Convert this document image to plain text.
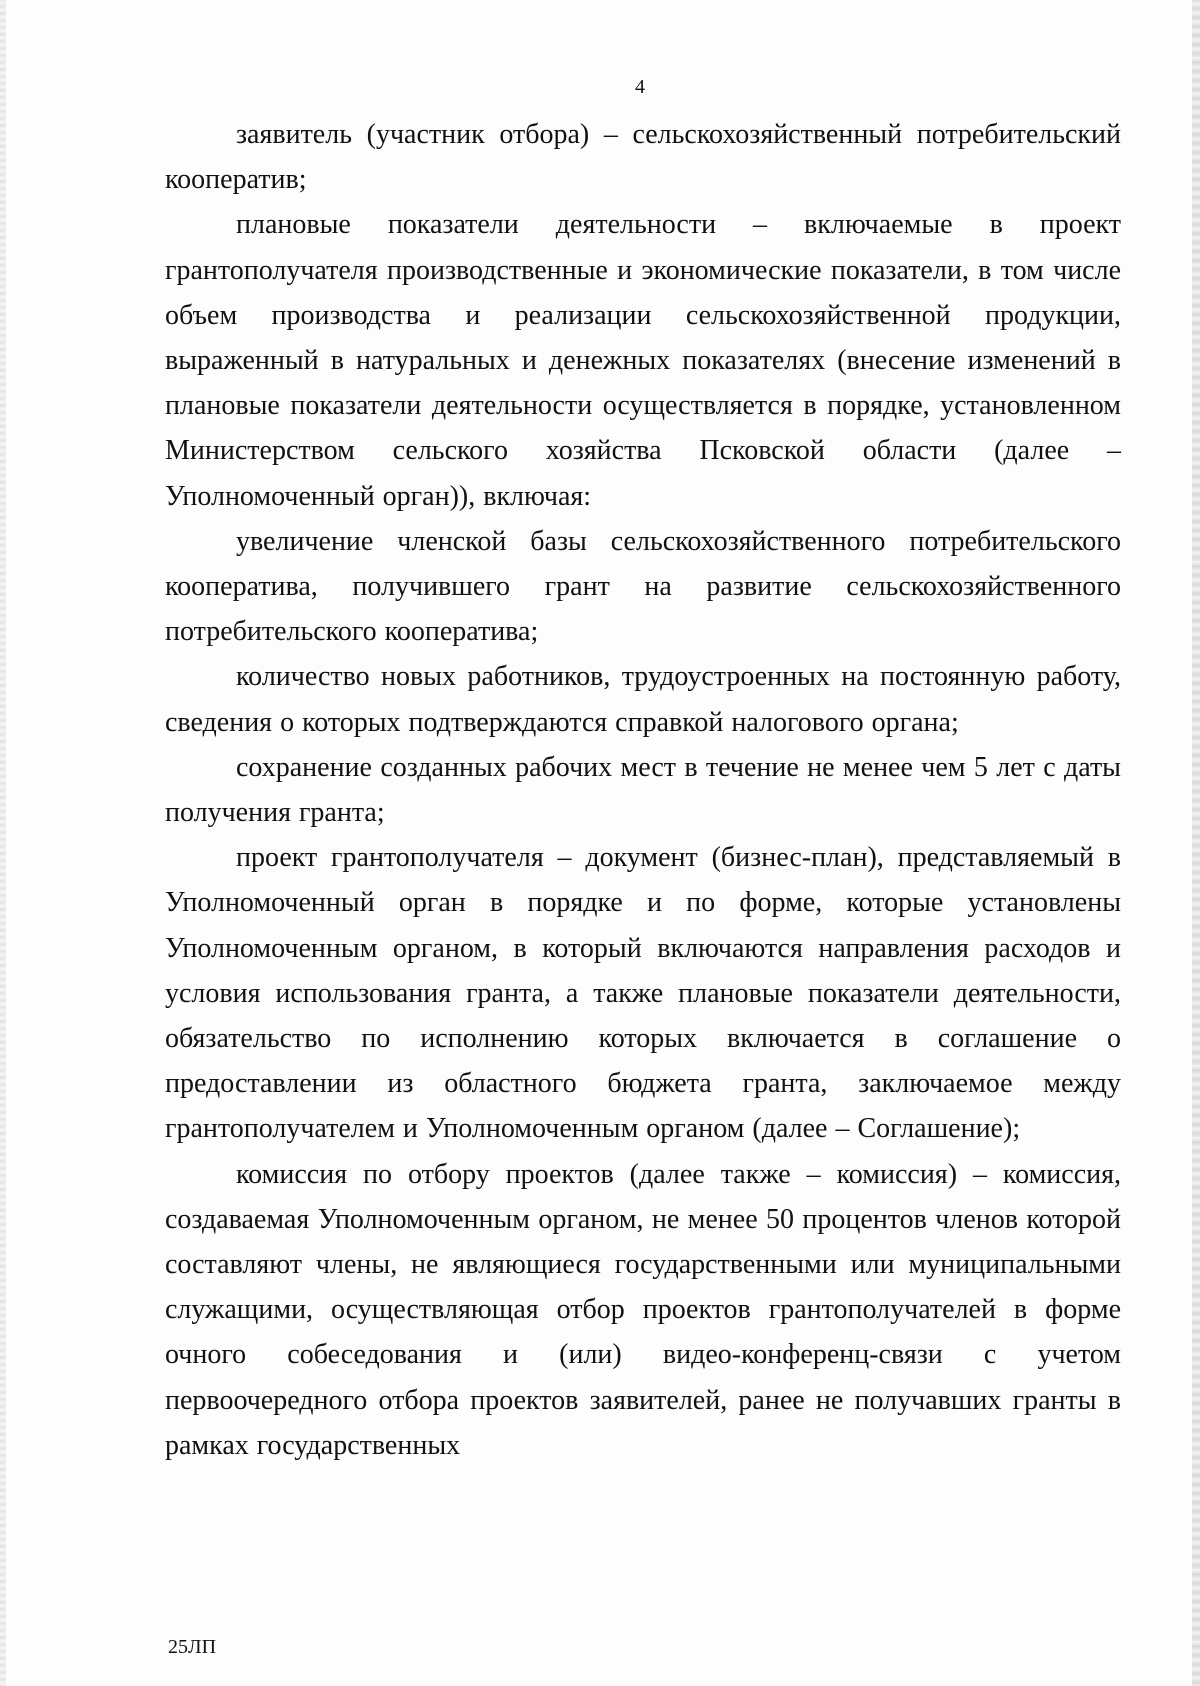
4

заявитель (участник отбора) – сельскохозяйственный потребительский кооператив;

плановые показатели деятельности – включаемые в проект грантополучателя производственные и экономические показатели, в том числе объем производства и реализации сельскохозяйственной продукции, выраженный в натуральных и денежных показателях (внесение изменений в плановые показатели деятельности осуществляется в порядке, установленном Министерством сельского хозяйства Псковской области (далее – Уполномоченный орган)), включая:

увеличение членской базы сельскохозяйственного потребительского кооператива, получившего грант на развитие сельскохозяйственного потребительского кооператива;

количество новых работников, трудоустроенных на постоянную работу, сведения о которых подтверждаются справкой налогового органа;

сохранение созданных рабочих мест в течение не менее чем 5 лет с даты получения гранта;

проект грантополучателя – документ (бизнес-план), представляемый в Уполномоченный орган в порядке и по форме, которые установлены Уполномоченным органом, в который включаются направления расходов и условия использования гранта, а также плановые показатели деятельности, обязательство по исполнению которых включается в соглашение о предоставлении из областного бюджета гранта, заключаемое между грантополучателем и Уполномоченным органом (далее – Соглашение);

комиссия по отбору проектов (далее также – комиссия) – комиссия, создаваемая Уполномоченным органом, не менее 50 процентов членов которой составляют члены, не являющиеся государственными или муниципальными служащими, осуществляющая отбор проектов грантополучателей в форме очного собеседования и (или) видео-конференц-связи с учетом первоочередного отбора проектов заявителей, ранее не получавших гранты в рамках государственных

25ЛП
